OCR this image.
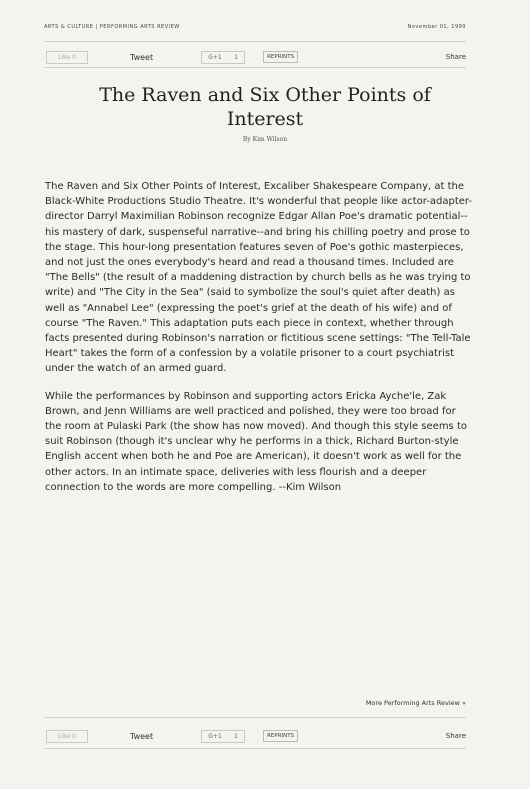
ARTS & CULTURE | PERFORMING ARTS REVIEW	November 01, 1999
Like 0	Tweet	G+1 1	REPRINTS	Share
The Raven and Six Other Points of Interest
By Kim Wilson

The Raven and Six Other Points of Interest, Excaliber Shakespeare Company, at the Black-White Productions Studio Theatre. It's wonderful that people like actor-adapter-director Darryl Maximilian Robinson recognize Edgar Allan Poe's dramatic potential--his mastery of dark, suspenseful narrative--and bring his chilling poetry and prose to the stage. This hour-long presentation features seven of Poe's gothic masterpieces, and not just the ones everybody's heard and read a thousand times. Included are "The Bells" (the result of a maddening distraction by church bells as he was trying to write) and "The City in the Sea" (said to symbolize the soul's quiet after death) as well as "Annabel Lee" (expressing the poet's grief at the death of his wife) and of course "The Raven." This adaptation puts each piece in context, whether through facts presented during Robinson's narration or fictitious scene settings: "The Tell-Tale Heart" takes the form of a confession by a volatile prisoner to a court psychiatrist under the watch of an armed guard.

While the performances by Robinson and supporting actors Ericka Ayche'le, Zak Brown, and Jenn Williams are well practiced and polished, they were too broad for the room at Pulaski Park (the show has now moved). And though this style seems to suit Robinson (though it's unclear why he performs in a thick, Richard Burton-style English accent when both he and Poe are American), it doesn't work as well for the other actors. In an intimate space, deliveries with less flourish and a deeper connection to the words are more compelling. --Kim Wilson

More Performing Arts Review »
Like 0	Tweet	G+1 1	REPRINTS	Share
